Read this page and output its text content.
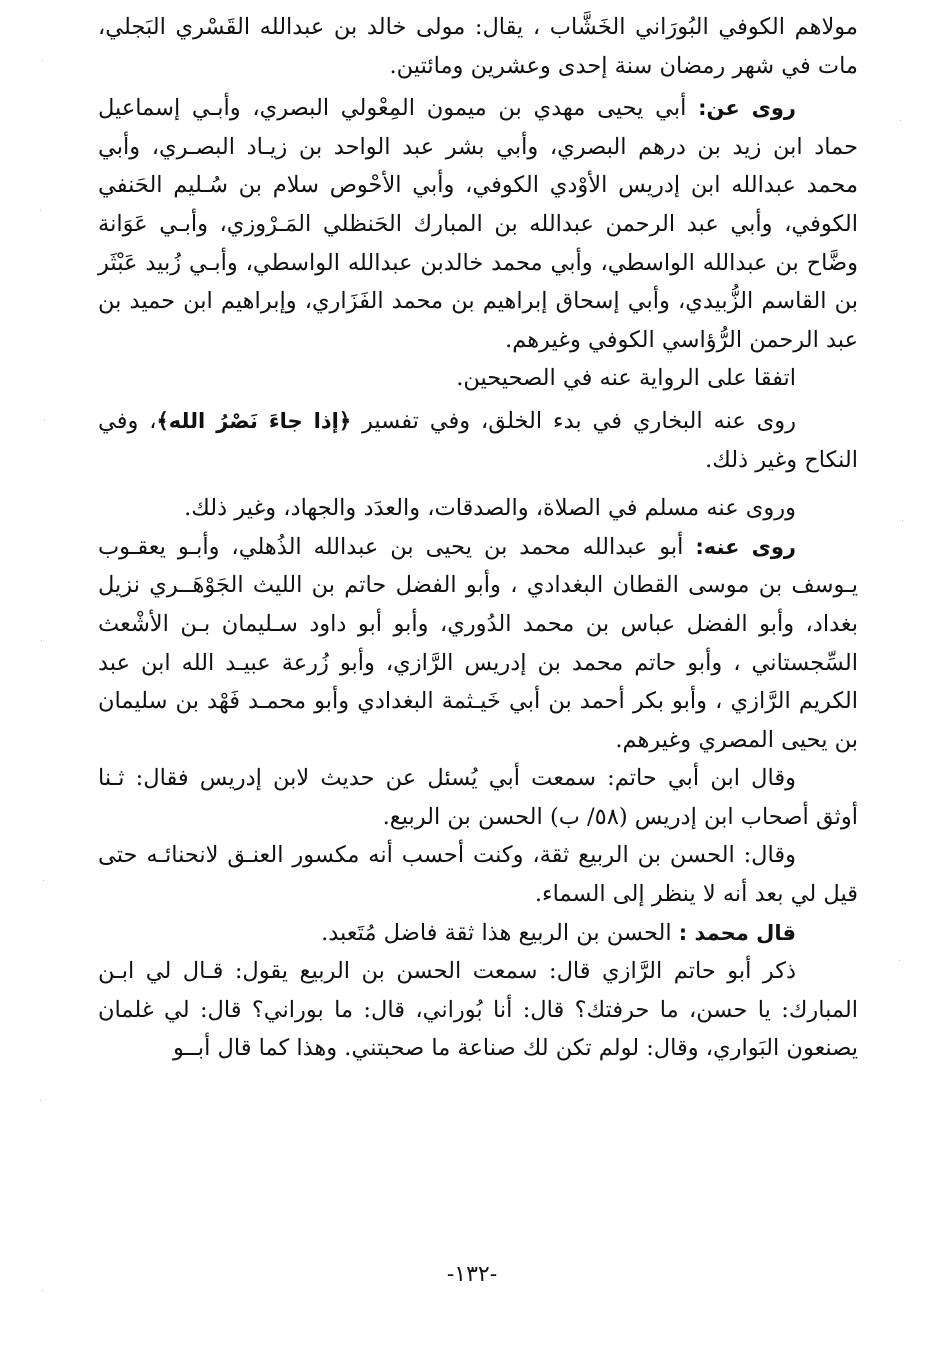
مولاهم الكوفي البُورَاني الخَشَّاب ، يقال: مولى خالد بن عبدالله القَسْري البَجلي، مات في شهر رمضان سنة إحدى وعشرين ومائتين.

روى عن: أبي يحيى مهدي بن ميمون المِعْولي البصري، وأبـي إسماعيل حماد ابن زيد بن درهم البصري، وأبي بشر عبد الواحد بن زيـاد البصـري، وأبي محمد عبدالله ابن إدريس الأوْدي الكوفي، وأبي الأحْوص سلام بن سُـليم الحَنفي الكوفي، وأبي عبد الرحمن عبدالله بن المبارك الحَنظلي المَـرْوزي، وأبـي عَوَانة وضَّاح بن عبدالله الواسطي، وأبي محمد خالدبن عبدالله الواسطي، وأبـي زُبيد عَبْثَر بن القاسم الزُّبيدي، وأبي إسحاق إبراهيم بن محمد الفَزَاري، وإبراهيم ابن حميد بن عبد الرحمن الرُّؤاسي الكوفي وغيرهم.

اتفقا على الرواية عنه في الصحيحين.

روى عنه البخاري في بدء الخلق، وفي تفسير ﴿إذا جاءَ نَصْرُ الله﴾، وفي النكاح وغير ذلك.

وروى عنه مسلم في الصلاة، والصدقات، والعدَد والجهاد، وغير ذلك.

روى عنه: أبو عبدالله محمد بن يحيى بن عبدالله الذُهلي، وأبـو يعقـوب يـوسف بن موسى القطان البغدادي ، وأبو الفضل حاتم بن الليث الجَوْهَــري نزيل بغداد، وأبو الفضل عباس بن محمد الدُوري، وأبو أبو داود سـليمان بـن الأشْعث السِّجستاني ، وأبو حاتم محمد بن إدريس الرَّازي، وأبو زُرعة عبيـد الله ابن عبد الكريم الرَّازي ، وأبو بكر أحمد بن أبي خَيـثمة البغدادي وأبو محمـد فَهْد بن سليمان بن يحيى المصري وغيرهم.

وقال ابن أبي حاتم: سمعت أبي يُسئل عن حديث لابن إدريس فقال: ثـنا أوثق أصحاب ابن إدريس (٥٨/ ب) الحسن بن الربيع.

وقال: الحسن بن الربيع ثقة، وكنت أحسب أنه مكسور العنـق لانحنائـه حتى قيل لي بعد أنه لا ينظر إلى السماء.

قال محمد : الحسن بن الربيع هذا ثقة فاضل مُتَعبد.

ذكر أبو حاتم الرَّازي قال: سمعت الحسن بن الربيع يقول: قـال لي ابـن المبارك: يا حسن، ما حرفتك؟ قال: أنا بُوراني، قال: ما بوراني؟ قال: لي غلمان يصنعون البَواري، وقال: لولم تكن لك صناعة ما صحبتني. وهذا كما قال أبــو

-١٣٢-
